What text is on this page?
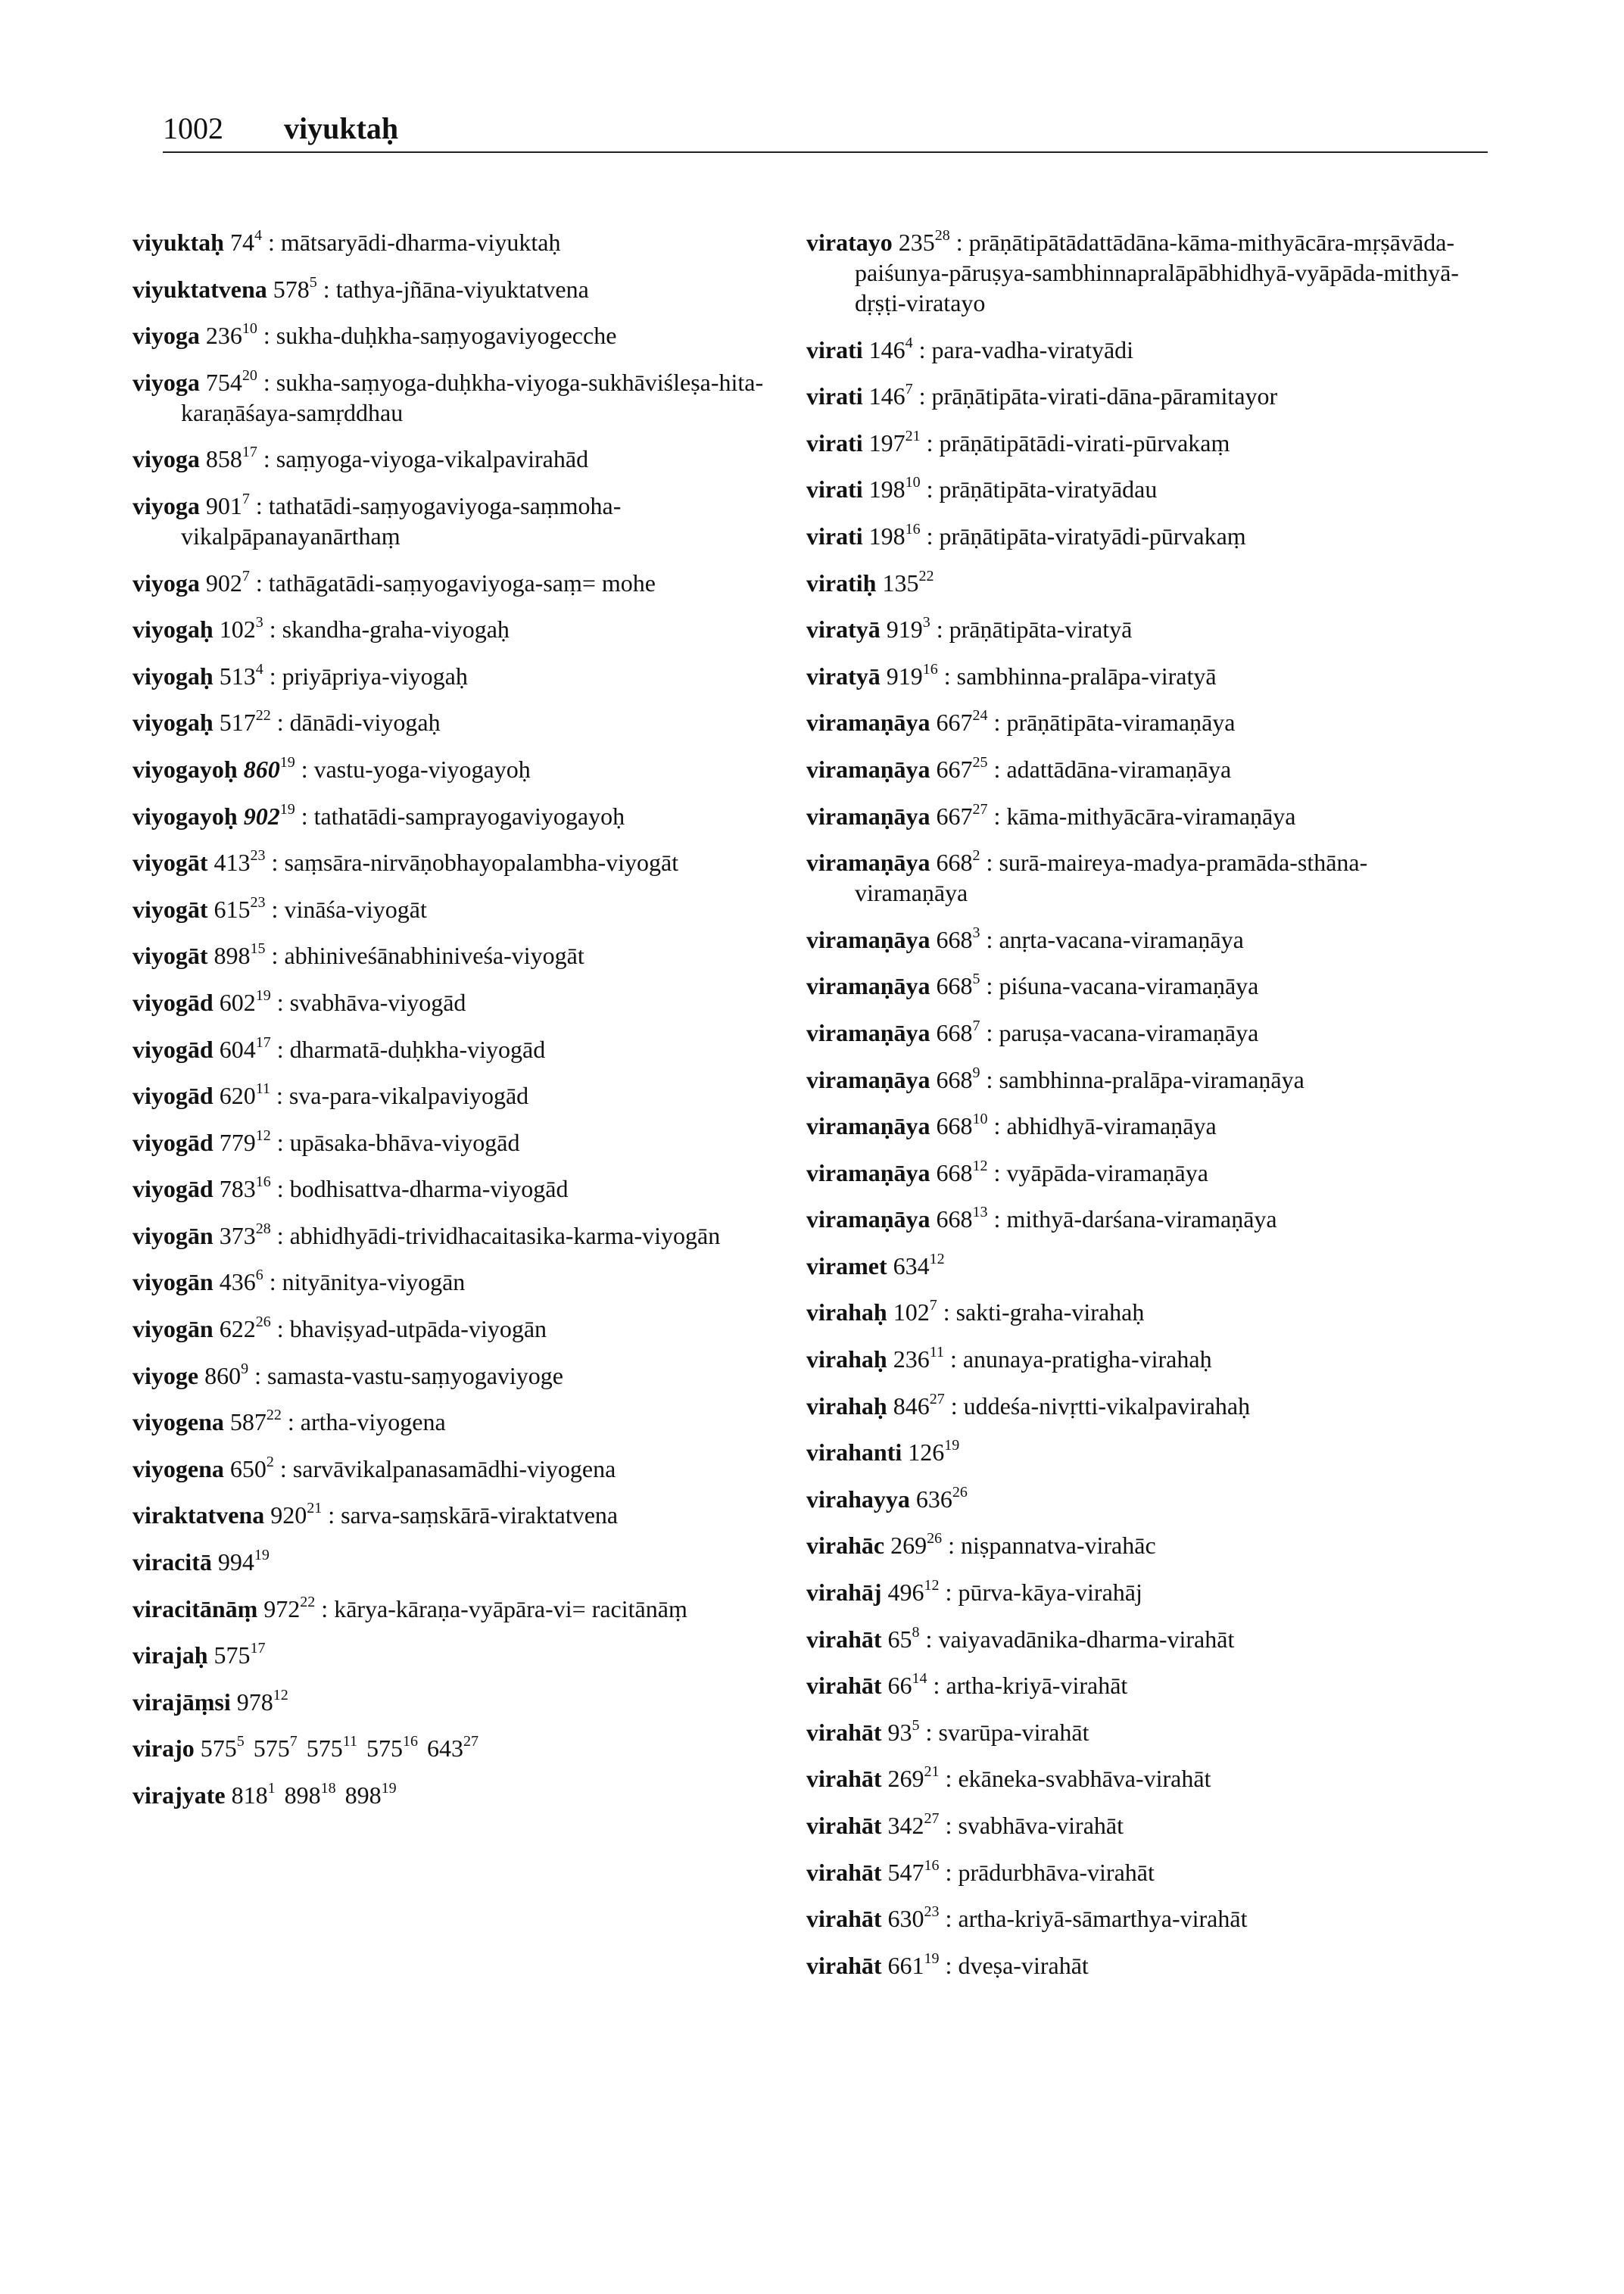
1002 viyuktaḥ
viyuktaḥ $74^4$ : mātsaryādi-dharma-viyuktaḥ
viyuktatvena $578^5$ : tathya-jñāna-viyuktatvena
viyoga $236^{10}$ : sukha-duḥkha-saṃyogaviyogecche
viyoga $754^{20}$ : sukha-saṃyoga-duḥkha-viyoga-sukhāviśleṣa-hita-karaṇāśaya-samṛddhau
viyoga $858^{17}$ : saṃyoga-viyoga-vikalpavirahād
viyoga $901^7$ : tathatādi-saṃyogaviyoga-saṃmoha-vikalpāpanayanārthaṃ
viyoga $902^7$ : tathāgatādi-saṃyogaviyoga-saṃ= mohe
viyogaḥ $102^3$ : skandha-graha-viyogaḥ
viyogaḥ $513^4$ : priyāpriya-viyogaḥ
viyogaḥ $517^{22}$ : dānādi-viyogaḥ
viyogayoḥ $860^{19}$ : vastu-yoga-viyogayoḥ
viyogayoḥ $902^{19}$ : tathatādi-samprayogaviyogayoḥ
viyogāt $413^{23}$ : saṃsāra-nirvāṇobhayopalambha-viyogāt
viyogāt $615^{23}$ : vināśa-viyogāt
viyogāt $898^{15}$ : abhiniveśānabhiniveśa-viyogāt
viyogād $602^{19}$ : svabhāva-viyogād
viyogād $604^{17}$ : dharmatā-duḥkha-viyogād
viyogād $620^{11}$ : sva-para-vikalpaviyogād
viyogād $779^{12}$ : upāsaka-bhāva-viyogād
viyogād $783^{16}$ : bodhisattva-dharma-viyogād
viyogān $373^{28}$ : abhidhyādi-trividhacaitasika-karma-viyogān
viyogān $436^6$ : nityānitya-viyogān
viyogān $622^{26}$ : bhaviṣyad-utpāda-viyogān
viyoge $860^9$ : samasta-vastu-saṃyogaviyoge
viyogena $587^{22}$ : artha-viyogena
viyogena $650^2$ : sarvāvikalpanasamādhi-viyogena
viraktatvena $920^{21}$ : sarva-saṃskārā-viraktatvena
viracitā $994^{19}$
viracitānāṃ $972^{22}$ : kārya-kāraṇa-vyāpāra-vi= racitānāṃ
virajaḥ $575^{17}$
virajāṃsi $978^{12}$
virajo $575^5$ $575^7$ $575^{11}$ $575^{16}$ $643^{27}$
virajyate $818^1$ $898^{18}$ $898^{19}$
viratayo $235^{28}$ : prāṇātipātādattādāna-kāma-mithyācāra-mṛṣāvāda-paiśunya-pāruṣya-sambhinnapralāpābhidhyā-vyāpāda-mithyā-dṛṣṭi-viratayo
virati $146^4$ : para-vadha-viratyādi
virati $146^7$ : prāṇātipāta-virati-dāna-pāramitayor
virati $197^{21}$ : prāṇātipātādi-virati-pūrvakaṃ
virati $198^{10}$ : prāṇātipāta-viratyādau
virati $198^{16}$ : prāṇātipāta-viratyādi-pūrvakaṃ
viratiḥ $135^{22}$
viratyā $919^3$ : prāṇātipāta-viratyā
viratyā $919^{16}$ : sambhinna-pralāpa-viratyā
viramaṇāya $667^{24}$ : prāṇātipāta-viramaṇāya
viramaṇāya $667^{25}$ : adattādāna-viramaṇāya
viramaṇāya $667^{27}$ : kāma-mithyācāra-viramaṇāya
viramaṇāya $668^2$ : surā-maireya-madya-pramāda-sthāna-viramaṇāya
viramaṇāya $668^3$ : anṛta-vacana-viramaṇāya
viramaṇāya $668^5$ : piśuna-vacana-viramaṇāya
viramaṇāya $668^7$ : paruṣa-vacana-viramaṇāya
viramaṇāya $668^9$ : sambhinna-pralāpa-viramaṇāya
viramaṇāya $668^{10}$ : abhidhyā-viramaṇāya
viramaṇāya $668^{12}$ : vyāpāda-viramaṇāya
viramaṇāya $668^{13}$ : mithyā-darśana-viramaṇāya
viramet $634^{12}$
virahaḥ $102^7$ : sakti-graha-virahaḥ
virahaḥ $236^{11}$ : anunaya-pratigha-virahaḥ
virahaḥ $846^{27}$ : uddeśa-nivṛtti-vikalpavirahaḥ
virahanti $126^{19}$
virahayya $636^{26}$
virahāc $269^{26}$ : niṣpannatva-virahāc
virahāj $496^{12}$ : pūrva-kāya-virahāj
virahāt $65^8$ : vaiyavadānika-dharma-virahāt
virahāt $66^{14}$ : artha-kriyā-virahāt
virahāt $93^5$ : svarūpa-virahāt
virahāt $269^{21}$ : ekāneka-svabhāva-virahāt
virahāt $342^{27}$ : svabhāva-virahāt
virahāt $547^{16}$ : prādurbhāva-virahāt
virahāt $630^{23}$ : artha-kriyā-sāmarthya-virahāt
virahāt $661^{19}$ : dveṣa-virahāt
